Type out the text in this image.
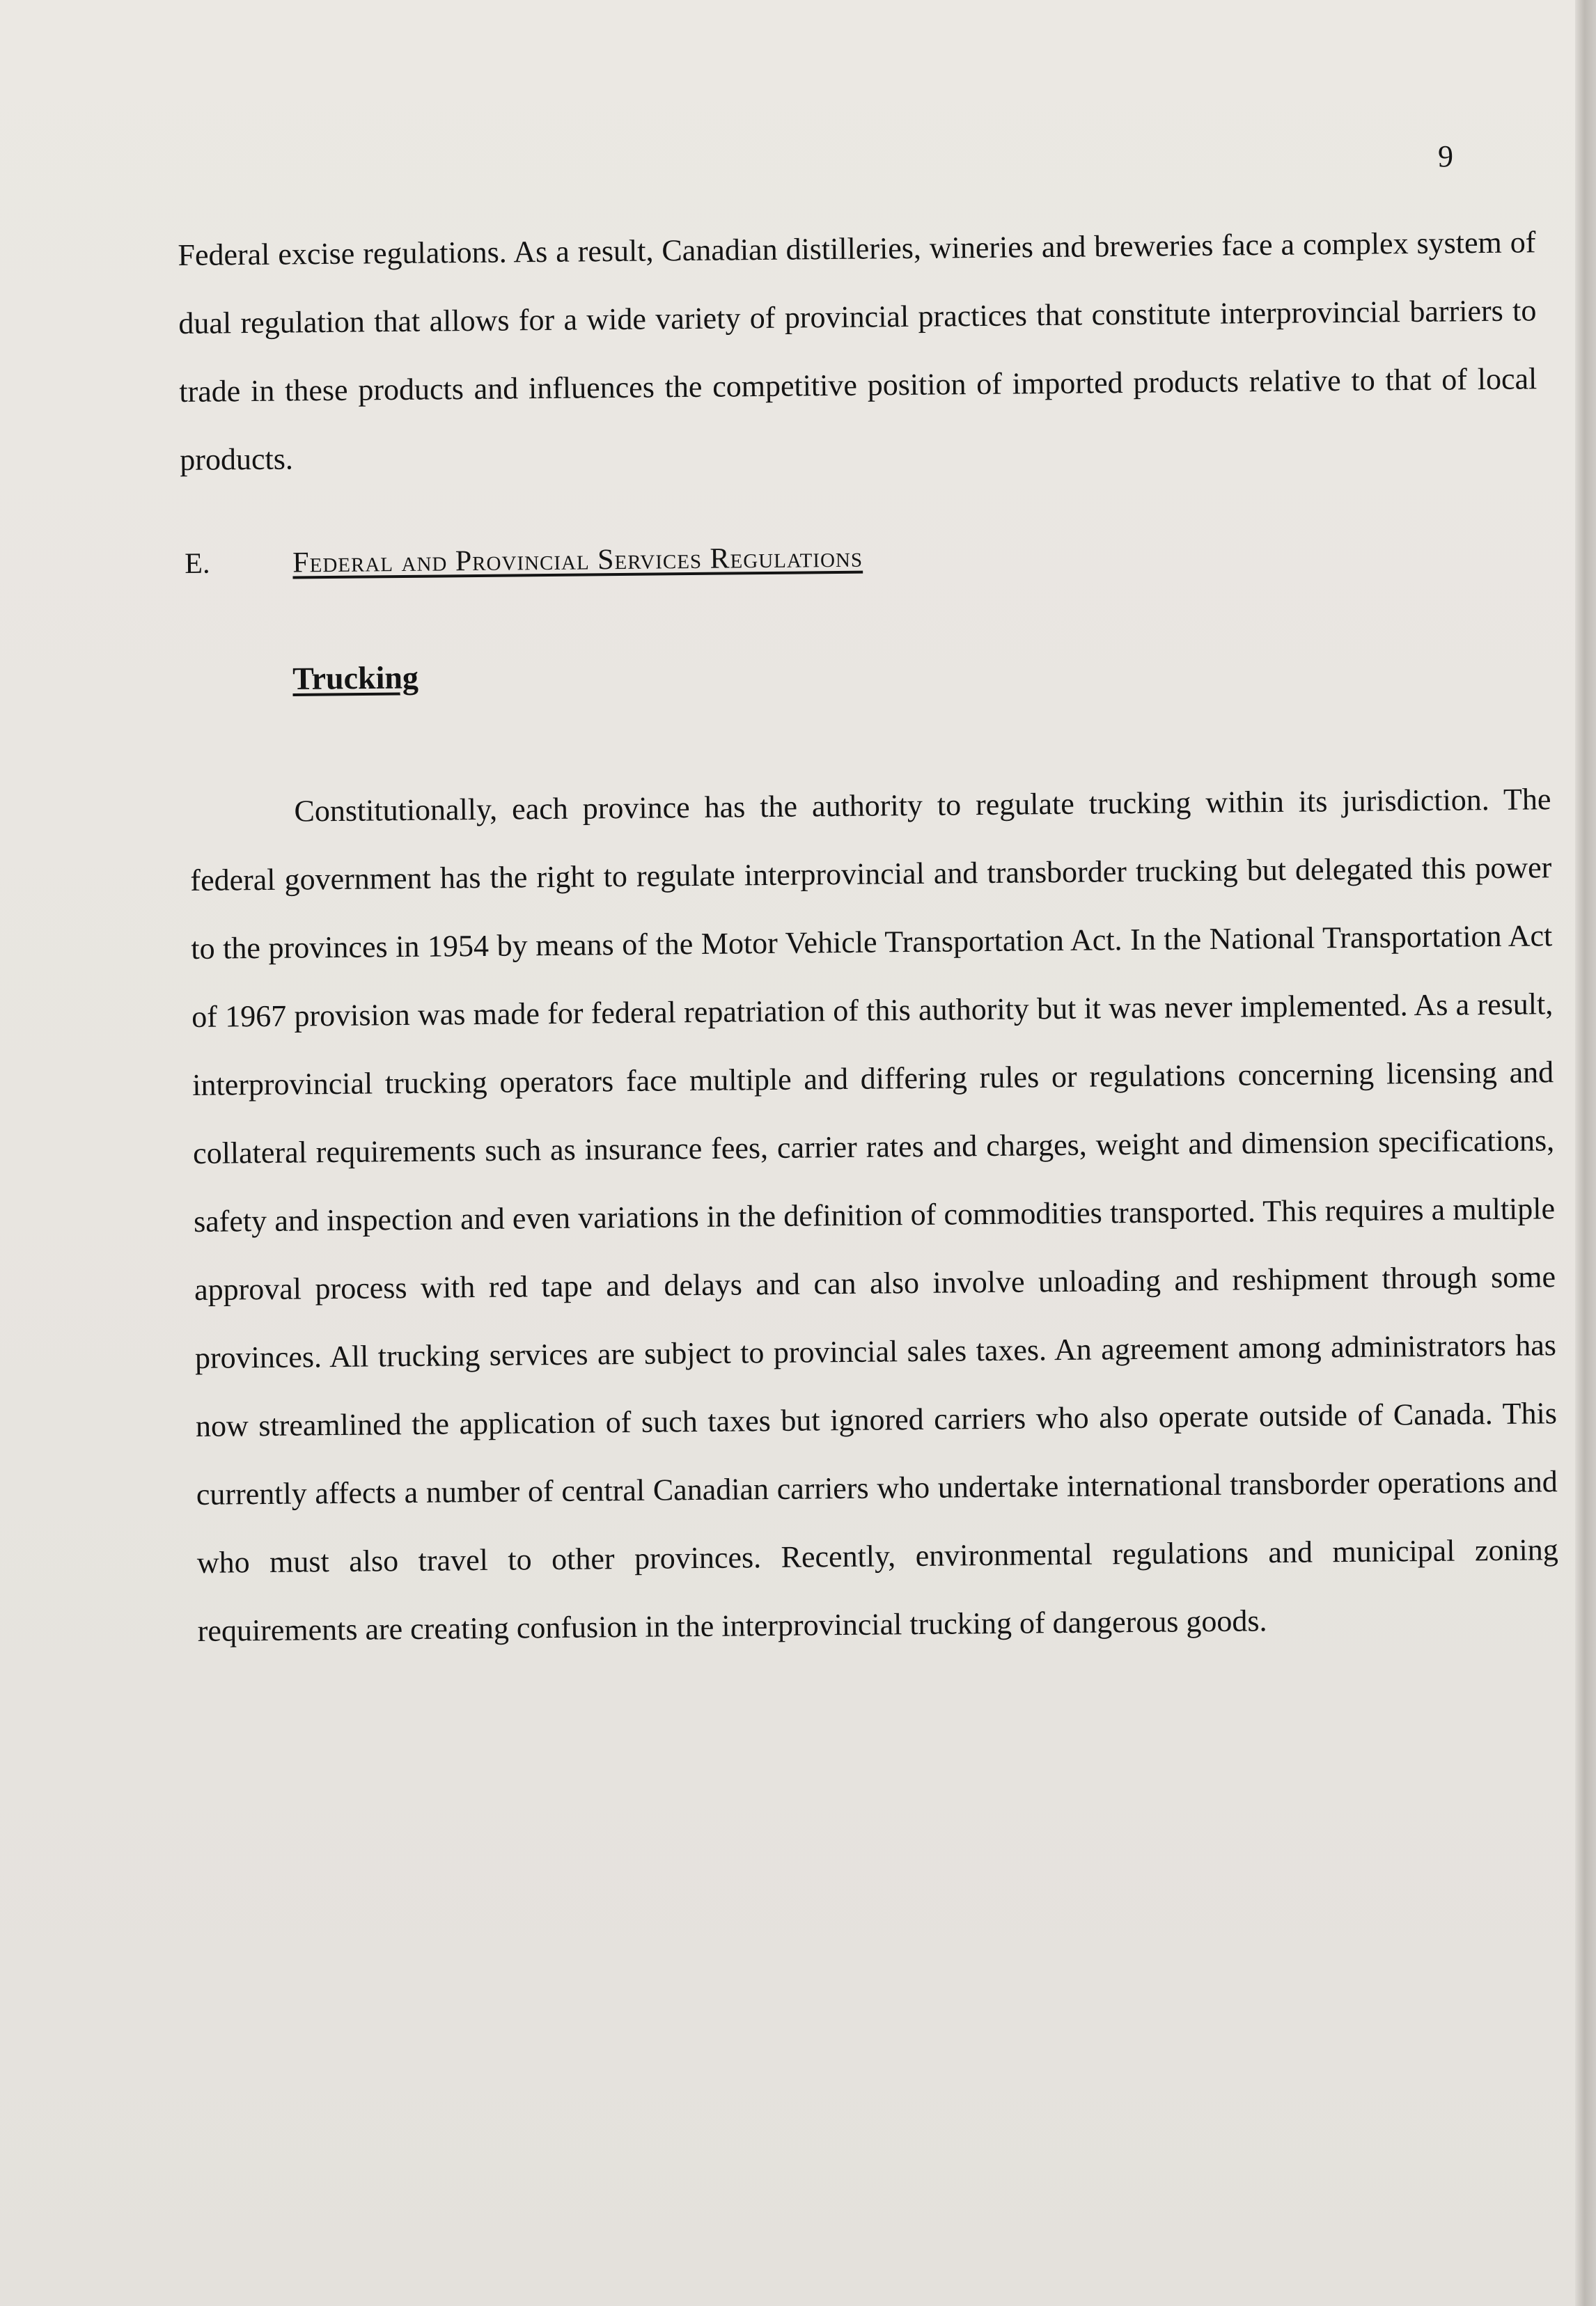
9

Federal excise regulations. As a result, Canadian distilleries, wineries and breweries face a complex system of dual regulation that allows for a wide variety of provincial practices that constitute interprovincial barriers to trade in these products and influences the competitive position of imported products relative to that of local products.

E.	Federal and Provincial Services Regulations
Trucking

Constitutionally, each province has the authority to regulate trucking within its jurisdiction. The federal government has the right to regulate interprovincial and transborder trucking but delegated this power to the provinces in 1954 by means of the Motor Vehicle Transportation Act. In the National Transportation Act of 1967 provision was made for federal repatriation of this authority but it was never implemented. As a result, interprovincial trucking operators face multiple and differing rules or regulations concerning licensing and collateral requirements such as insurance fees, carrier rates and charges, weight and dimension specifications, safety and inspection and even variations in the definition of commodities transported. This requires a multiple approval process with red tape and delays and can also involve unloading and reshipment through some provinces. All trucking services are subject to provincial sales taxes. An agreement among administrators has now streamlined the application of such taxes but ignored carriers who also operate outside of Canada. This currently affects a number of central Canadian carriers who undertake international transborder operations and who must also travel to other provinces. Recently, environmental regulations and municipal zoning requirements are creating confusion in the interprovincial trucking of dangerous goods.
